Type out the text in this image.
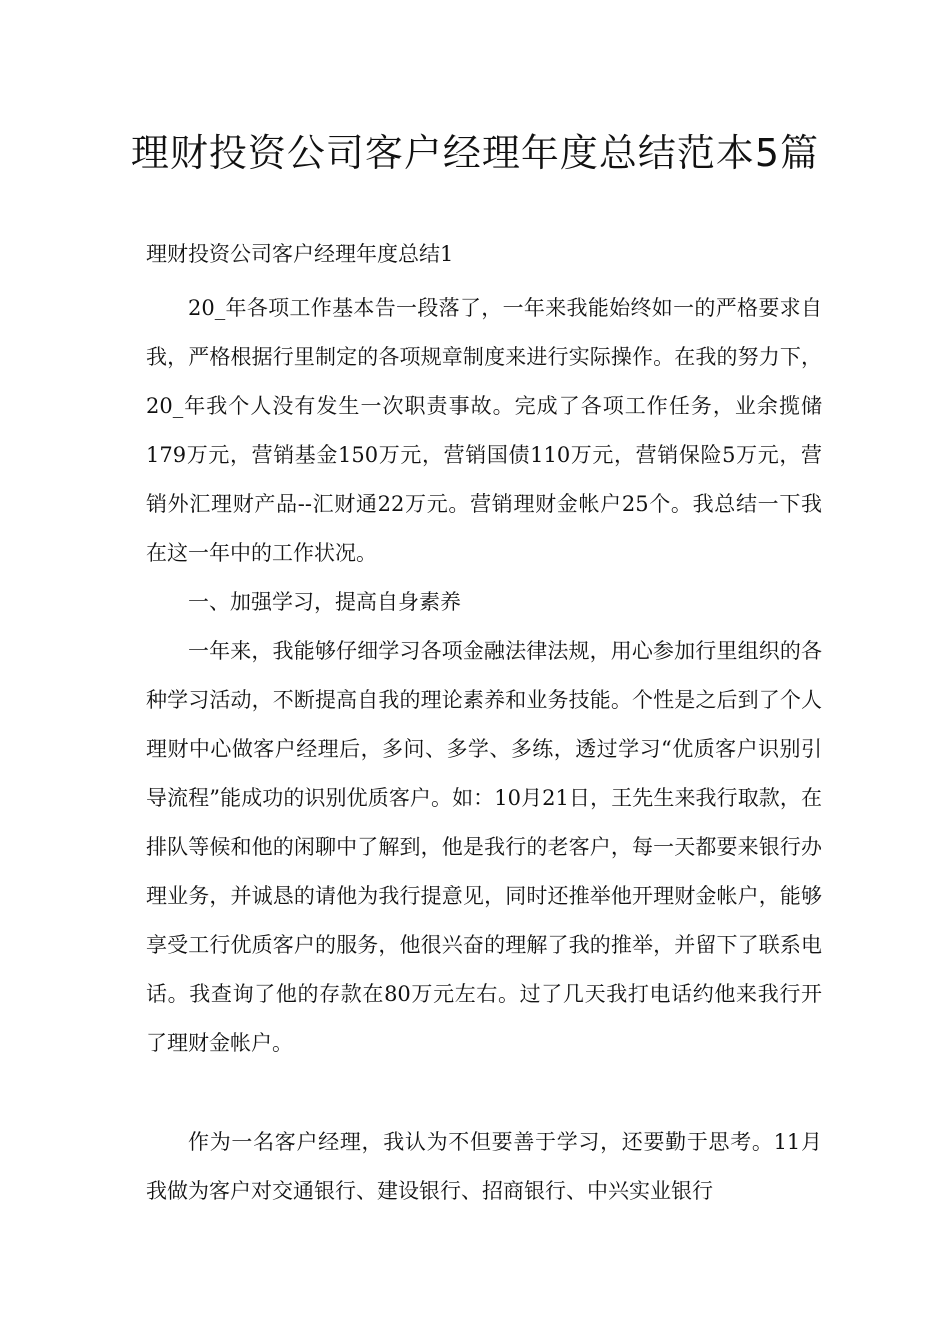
理财投资公司客户经理年度总结范本5篇

理财投资公司客户经理年度总结1

20_年各项工作基本告一段落了，一年来我能始终如一的严格要求自我，严格根据行里制定的各项规章制度来进行实际操作。在我的努力下，20_年我个人没有发生一次职责事故。完成了各项工作任务，业余揽储179万元，营销基金150万元，营销国债110万元，营销保险5万元，营销外汇理财产品--汇财通22万元。营销理财金帐户25个。我总结一下我在这一年中的工作状况。

一、加强学习，提高自身素养

一年来，我能够仔细学习各项金融法律法规，用心参加行里组织的各种学习活动，不断提高自我的理论素养和业务技能。个性是之后到了个人理财中心做客户经理后，多问、多学、多练，透过学习“优质客户识别引导流程”能成功的识别优质客户。如：10月21日，王先生来我行取款，在排队等候和他的闲聊中了解到，他是我行的老客户，每一天都要来银行办理业务，并诚恳的请他为我行提意见，同时还推举他开理财金帐户，能够享受工行优质客户的服务，他很兴奋的理解了我的推举，并留下了联系电话。我查询了他的存款在80万元左右。过了几天我打电话约他来我行开了理财金帐户。

作为一名客户经理，我认为不但要善于学习，还要勤于思考。11月我做为客户对交通银行、建设银行、招商银行、中兴实业银行
